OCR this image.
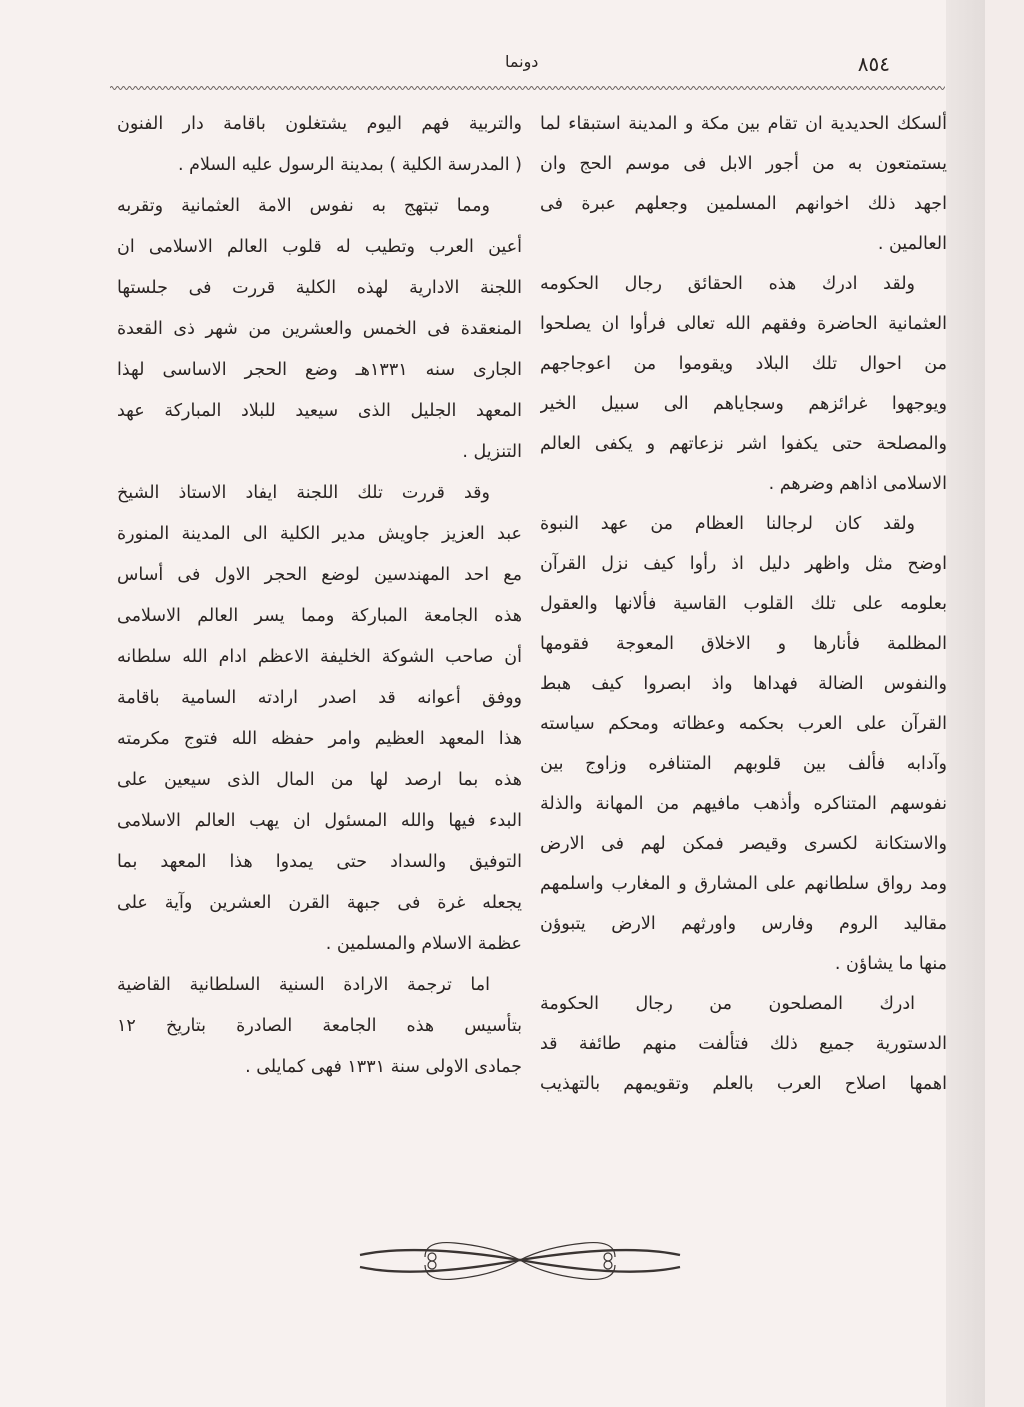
٨٥٤
دونما
ألسكك الحديدية ان تقام بين مكة و المدينة استبقاء لما
يستمتعون به من أجور الابل فى موسم الحج وان
اجهد ذلك اخوانهم المسلمين وجعلهم عبرة فى
العالمين .
ولقد ادرك هذه الحقائق رجال الحكومه
العثمانية الحاضرة وفقهم الله تعالى فرأوا ان يصلحوا
من احوال تلك البلاد ويقوموا من اعوجاجهم
ويوجهوا غرائزهم وسجاياهم الى سبيل الخير
والمصلحة حتى يكفوا اشر نزعاتهم و يكفى العالم
الاسلامى اذاهم وضرهم .
ولقد كان لرجالنا العظام من عهد النبوة
اوضح مثل واظهر دليل اذ رأوا كيف نزل القرآن
بعلومه على تلك القلوب القاسية فألانها والعقول
المظلمة فأنارها و الاخلاق المعوجة فقومها
والنفوس الضالة فهداها واذ ابصروا كيف هبط
القرآن على العرب بحكمه وعظاته ومحكم سياسته
وآدابه فألف بين قلوبهم المتنافره وزاوج بين
نفوسهم المتناكره وأذهب مافيهم من المهانة والذلة
والاستكانة لكسرى وقيصر فمكن لهم فى الارض
ومد رواق سلطانهم على المشارق و المغارب واسلمهم
مقاليد الروم وفارس واورثهم الارض يتبوؤن
منها ما يشاؤن .
ادرك المصلحون من رجال الحكومة
الدستورية جميع ذلك فتألفت منهم طائفة قد
اهمها اصلاح العرب بالعلم وتقويمهم بالتهذيب
والتربية فهم اليوم يشتغلون باقامة دار الفنون
( المدرسة الكلية ) بمدينة الرسول عليه السلام .
ومما تبتهج به نفوس الامة العثمانية وتقربه
أعين العرب وتطيب له قلوب العالم الاسلامى ان
اللجنة الادارية لهذه الكلية قررت فى جلستها
المنعقدة فى الخمس والعشرين من شهر ذى القعدة
الجارى سنه ١٣٣١هـ وضع الحجر الاساسى لهذا
المعهد الجليل الذى سيعيد للبلاد المباركة عهد
التنزيل .
وقد قررت تلك اللجنة ايفاد الاستاذ الشيخ
عبد العزيز جاويش مدير الكلية الى المدينة المنورة
مع احد المهندسين لوضع الحجر الاول فى أساس
هذه الجامعة المباركة ومما يسر العالم الاسلامى
أن صاحب الشوكة الخليفة الاعظم ادام الله سلطانه
ووفق أعوانه قد اصدر ارادته السامية باقامة
هذا المعهد العظيم وامر حفظه الله فتوج مكرمته
هذه بما ارصد لها من المال الذى سيعين على
البدء فيها والله المسئول ان يهب العالم الاسلامى
التوفيق والسداد حتى يمدوا هذا المعهد بما
يجعله غرة فى جبهة القرن العشرين وآية على
عظمة الاسلام والمسلمين .
اما ترجمة الارادة السنية السلطانية القاضية
بتأسيس هذه الجامعة الصادرة بتاريخ ١٢
جمادى الاولى سنة ١٣٣١ فهى كمايلى .
